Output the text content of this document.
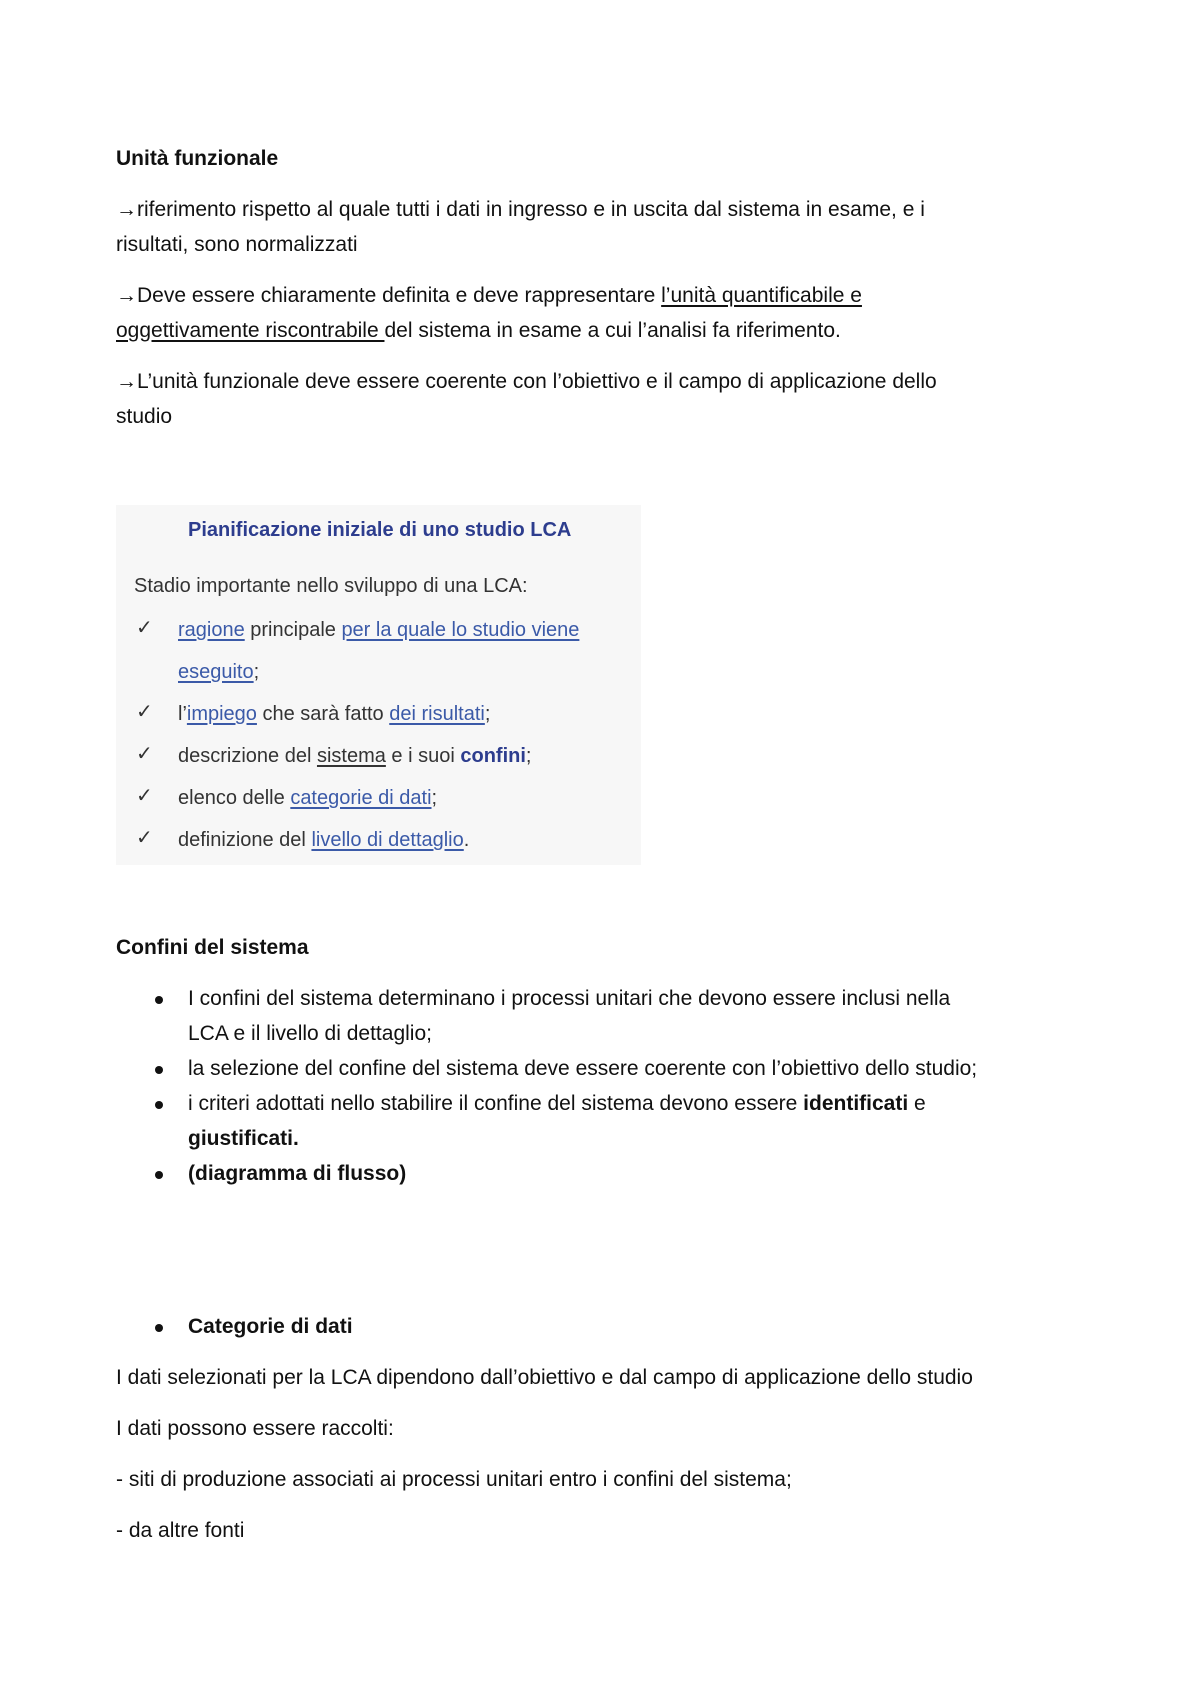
Unità funzionale
→riferimento rispetto al quale tutti i dati in ingresso e in uscita dal sistema in esame, e i
risultati, sono normalizzati
→Deve essere chiaramente definita e deve rappresentare l’unità quantificabile e
oggettivamente riscontrabile del sistema in esame a cui l’analisi fa riferimento.
→L’unità funzionale deve essere coerente con l’obiettivo e il campo di applicazione dello
studio
Pianificazione iniziale di uno studio LCA
Stadio importante nello sviluppo di una LCA:
✓ ragione principale per la quale lo studio viene
eseguito;
✓ l’impiego che sarà fatto dei risultati;
✓ descrizione del sistema e i suoi confini;
✓ elenco delle categorie di dati;
✓ definizione del livello di dettaglio.
Confini del sistema
I confini del sistema determinano i processi unitari che devono essere inclusi nella
LCA e il livello di dettaglio;
la selezione del confine del sistema deve essere coerente con l’obiettivo dello studio;
i criteri adottati nello stabilire il confine del sistema devono essere identificati e
giustificati.
(diagramma di flusso)
Categorie di dati
I dati selezionati per la LCA dipendono dall’obiettivo e dal campo di applicazione dello studio
I dati possono essere raccolti:
- siti di produzione associati ai processi unitari entro i confini del sistema;
- da altre fonti
